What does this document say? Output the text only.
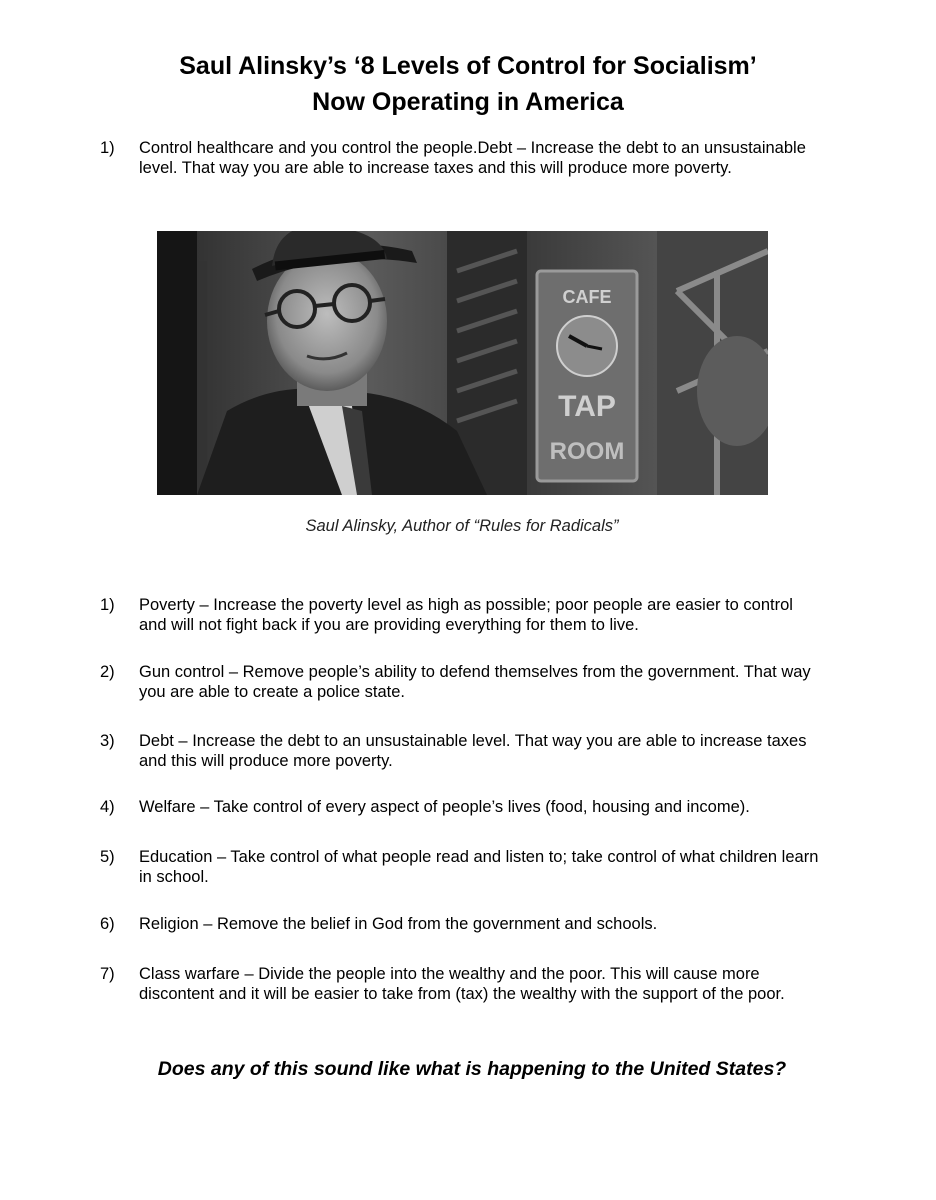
Saul Alinsky’s ‘8 Levels of Control for Socialism’
Now Operating in America
1)	Control healthcare and you control the people.Debt – Increase the debt to an unsustainable level. That way you are able to increase taxes and this will produce more poverty.
CAFE
TAP
ROOM
Saul Alinsky, Author of “Rules for Radicals”
1)	Poverty – Increase the poverty level as high as possible; poor people are easier to control and will not fight back if you are providing everything for them to live.
2)	Gun control – Remove people’s ability to defend themselves from the government. That way you are able to create a police state.
3)	Debt – Increase the debt to an unsustainable level. That way you are able to increase taxes and this will produce more poverty.
4)	Welfare – Take control of every aspect of people’s lives (food, housing and income).
5)	Education – Take control of what people read and listen to; take control of what children learn in school.
6)	Religion – Remove the belief in God from the government and schools.
7)	Class warfare – Divide the people into the wealthy and the poor. This will cause more discontent and it will be easier to take from (tax) the wealthy with the support of the poor.
Does any of this sound like what is happening to the United States?
